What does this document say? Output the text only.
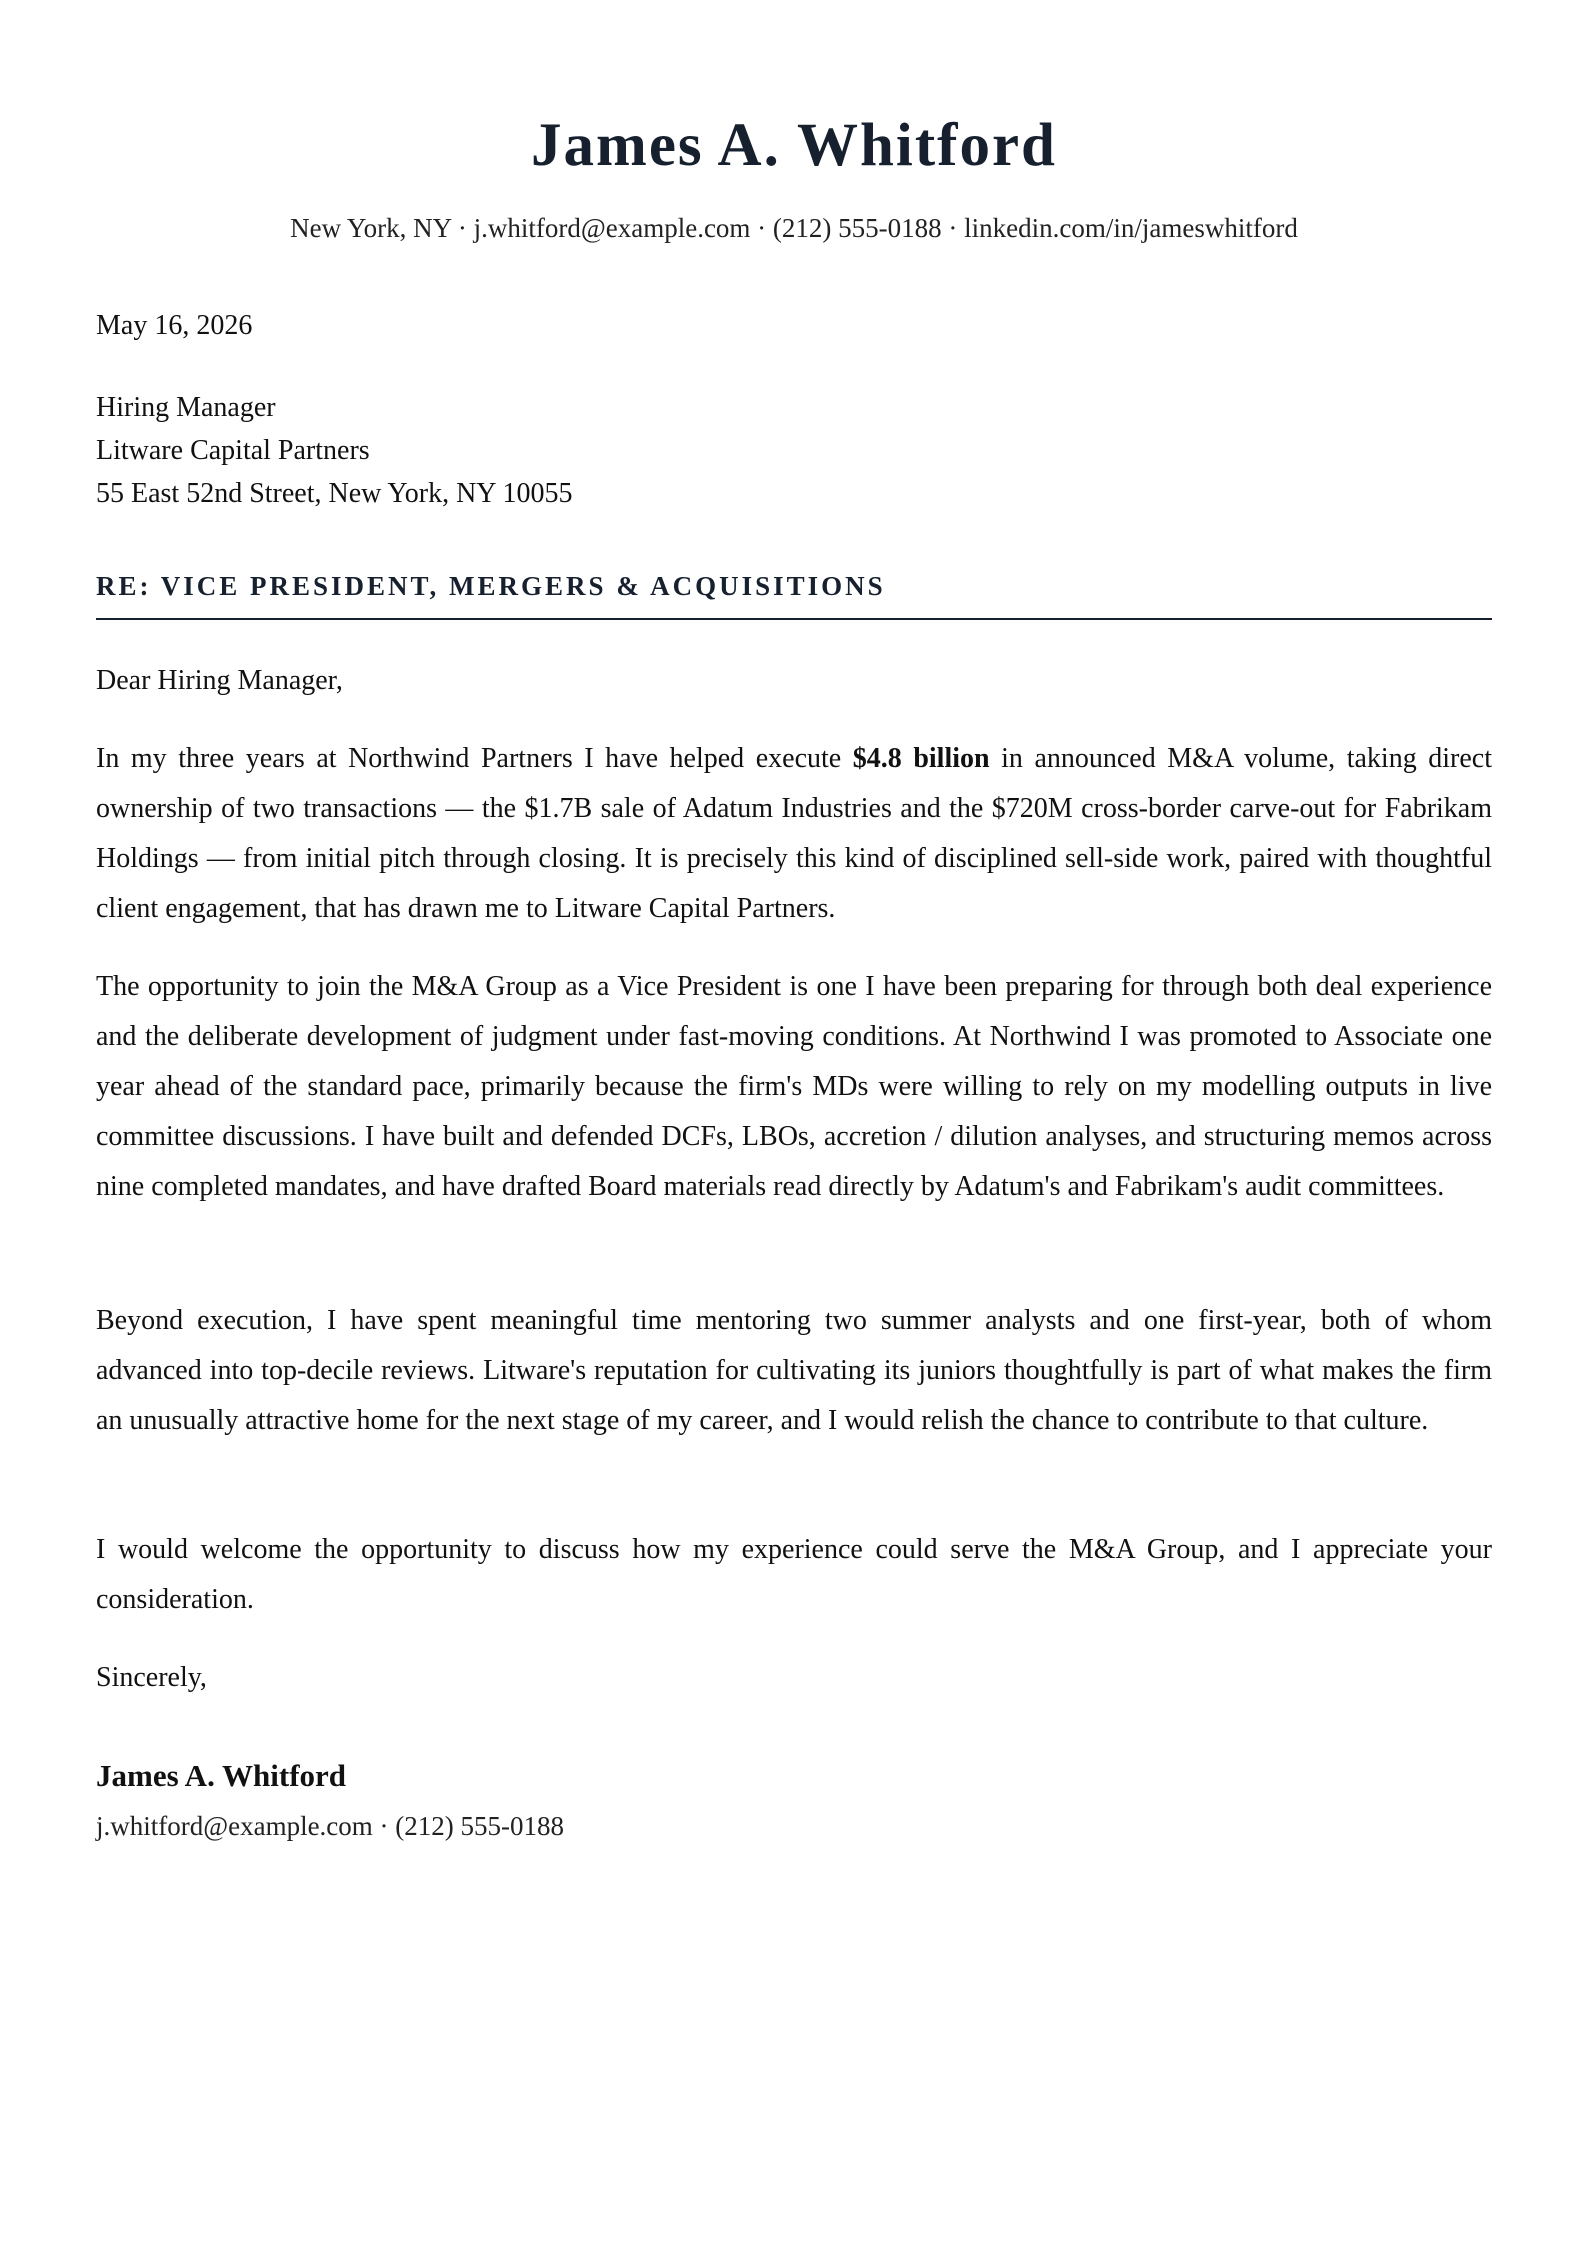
James A. Whitford
New York, NY · j.whitford@example.com · (212) 555-0188 · linkedin.com/in/jameswhitford
May 16, 2026
Hiring Manager
Litware Capital Partners
55 East 52nd Street, New York, NY 10055
RE: VICE PRESIDENT, MERGERS & ACQUISITIONS
Dear Hiring Manager,

In my three years at Northwind Partners I have helped execute $4.8 billion in announced M&A volume, taking direct ownership of two transactions — the $1.7B sale of Adatum Industries and the $720M cross-border carve-out for Fabrikam Holdings — from initial pitch through closing. It is precisely this kind of disciplined sell-side work, paired with thoughtful client engagement, that has drawn me to Litware Capital Partners.

The opportunity to join the M&A Group as a Vice President is one I have been preparing for through both deal experience and the deliberate development of judgment under fast-moving conditions. At Northwind I was promoted to Associate one year ahead of the standard pace, primarily because the firm's MDs were willing to rely on my modelling outputs in live committee discussions. I have built and defended DCFs, LBOs, accretion / dilution analyses, and structuring memos across nine completed mandates, and have drafted Board materials read directly by Adatum's and Fabrikam's audit committees.

Beyond execution, I have spent meaningful time mentoring two summer analysts and one first-year, both of whom advanced into top-decile reviews. Litware's reputation for cultivating its juniors thoughtfully is part of what makes the firm an unusually attractive home for the next stage of my career, and I would relish the chance to contribute to that culture.

I would welcome the opportunity to discuss how my experience could serve the M&A Group, and I appreciate your consideration.

Sincerely,
James A. Whitford
j.whitford@example.com · (212) 555-0188
